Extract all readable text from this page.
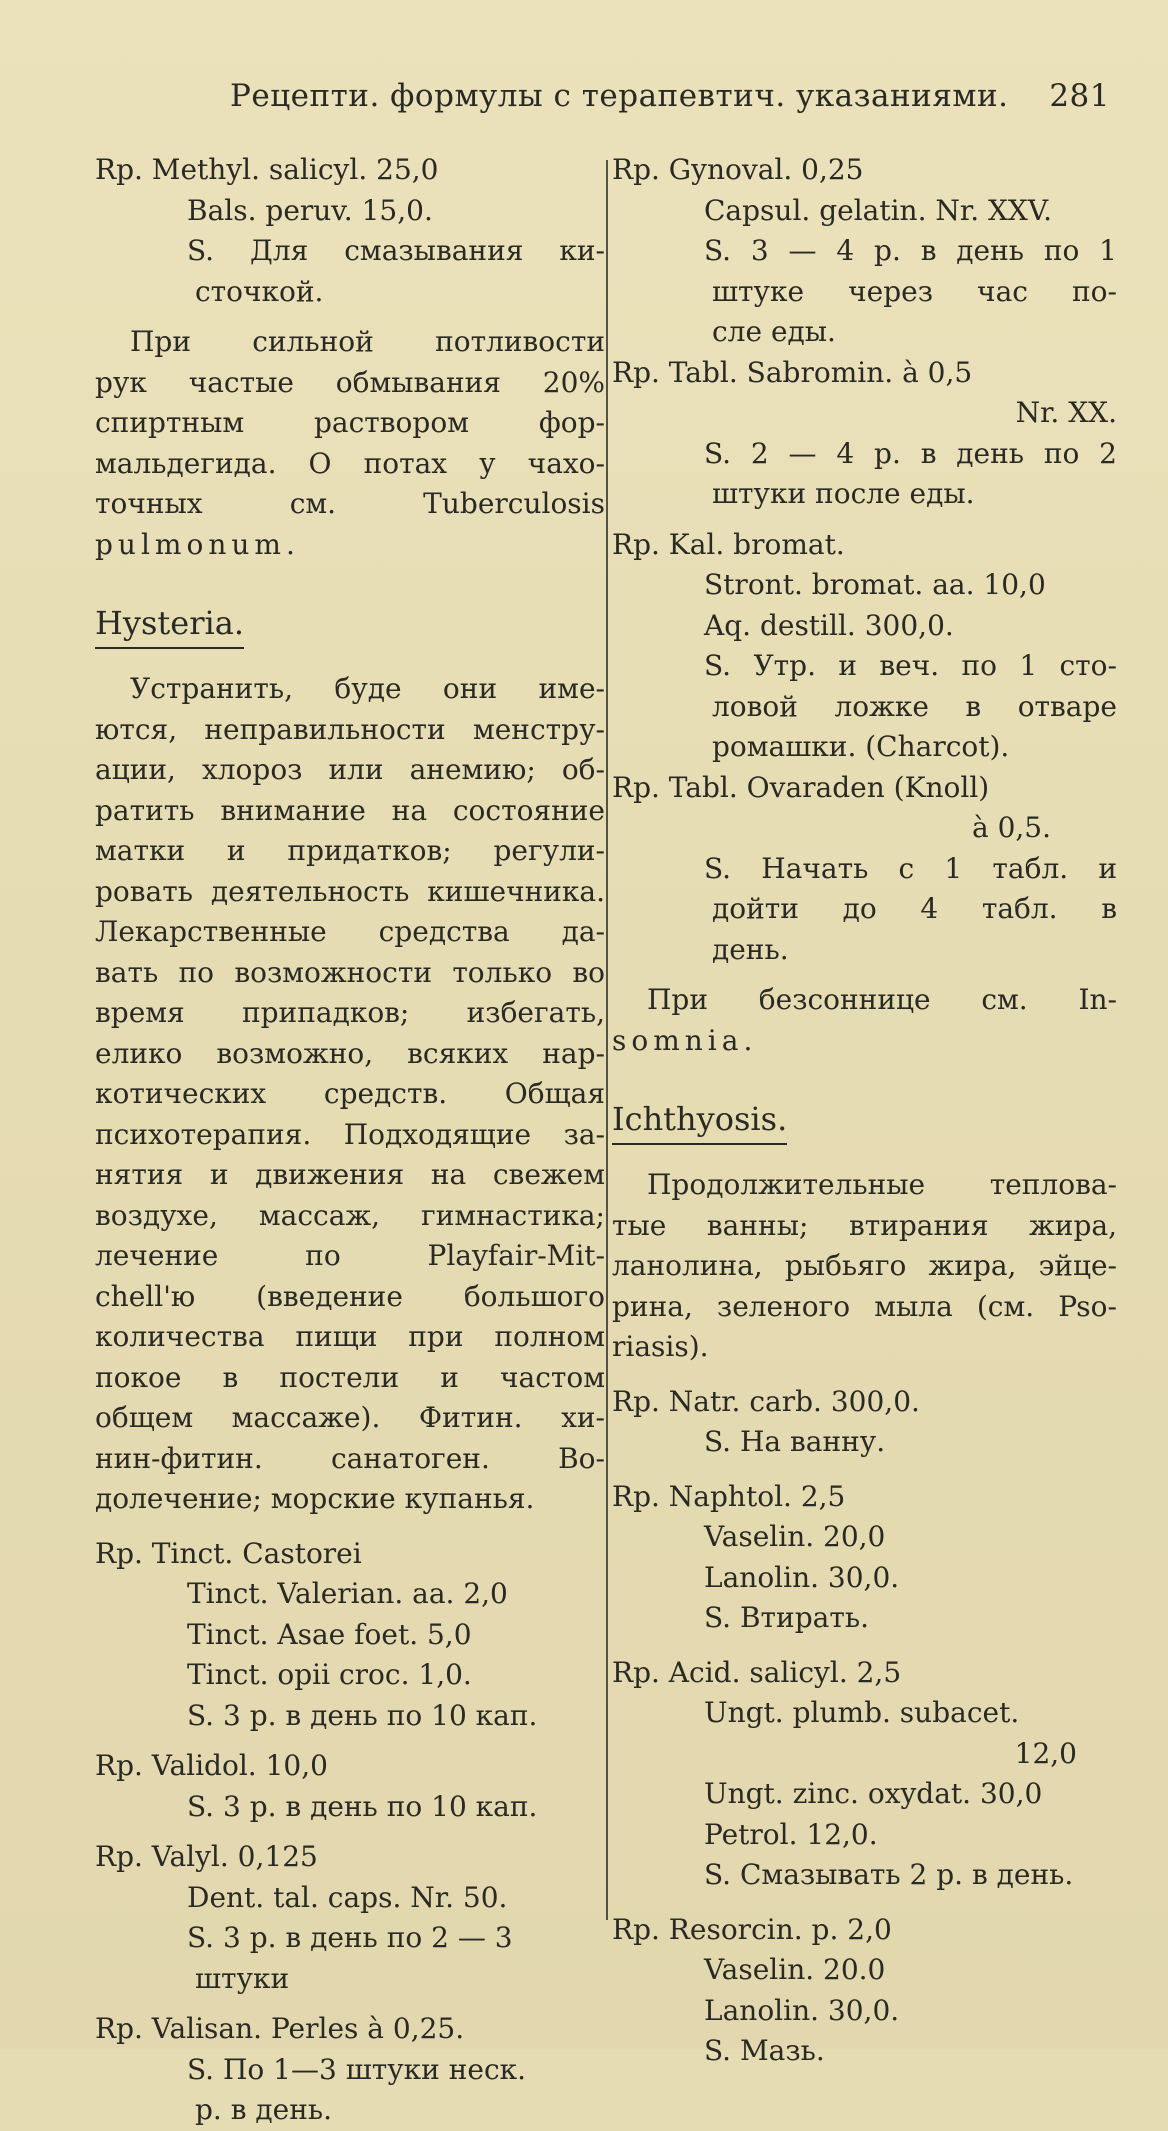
Рецепти. формулы с терапевтич. указаниями. 281
Rp. Methyl. salicyl. 25,0
Bals. peruv. 15,0.
S. Для смазывания ки-
сточкой.
При сильной потливости
рук частые обмывания 20%
спиртным раствором фор-
мальдегида. О потах у чахо-
точных см. Tuberculosis
pulmonum.
Hysteria.
Устранить, буде они име-
ются, неправильности менстру-
ации, хлороз или анемию; об-
ратить внимание на состояние
матки и придатков; регули-
ровать деятельность кишечника.
Лекарственные средства да-
вать по возможности только во
время припадков; избегать,
елико возможно, всяких нар-
котических средств. Общая
психотерапия. Подходящие за-
нятия и движения на свежем
воздухе, массаж, гимнастика;
лечение по Playfair-Mit-
chell'ю (введение большого
количества пищи при полном
покое в постели и частом
общем массаже). Фитин. хи-
нин-фитин. санатоген. Во-
долечение; морские купанья.
Rp. Tinct. Castorei
Tinct. Valerian. aa. 2,0
Tinct. Asae foet. 5,0
Tinct. opii croc. 1,0.
S. 3 р. в день по 10 кап.
Rp. Validol. 10,0
S. 3 р. в день по 10 кап.
Rp. Valyl. 0,125
Dent. tal. caps. Nr. 50.
S. 3 р. в день по 2 — 3
штуки
Rp. Valisan. Perles à 0,25.
S. По 1—3 штуки неск.
р. в день.
Rp. Gynoval. 0,25
Capsul. gelatin. Nr. XXV.
S. 3 — 4 р. в день по 1
штуке через час по-
сле еды.
Rp. Tabl. Sabromin. à 0,5
Nr. XX.
S. 2 — 4 р. в день по 2
штуки после еды.
Rp. Kal. bromat.
Stront. bromat. aa. 10,0
Aq. destill. 300,0.
S. Утр. и веч. по 1 сто-
ловой ложке в отваре
ромашки. (Charcot).
Rp. Tabl. Ovaraden (Knoll)
à 0,5.
S. Начать с 1 табл. и
дойти до 4 табл. в
день.
При безсоннице см. In-
somnia.
Ichthyosis.
Продолжительные теплова-
тые ванны; втирания жира,
ланолина, рыбьяго жира, эйце-
рина, зеленого мыла (см. Pso-
riasis).
Rp. Natr. carb. 300,0.
S. На ванну.
Rp. Naphtol. 2,5
Vaselin. 20,0
Lanolin. 30,0.
S. Втирать.
Rp. Acid. salicyl. 2,5
Ungt. plumb. subacet.
12,0
Ungt. zinc. oxydat. 30,0
Petrol. 12,0.
S. Смазывать 2 р. в день.
Rp. Resorcin. p. 2,0
Vaselin. 20.0
Lanolin. 30,0.
S. Мазь.
